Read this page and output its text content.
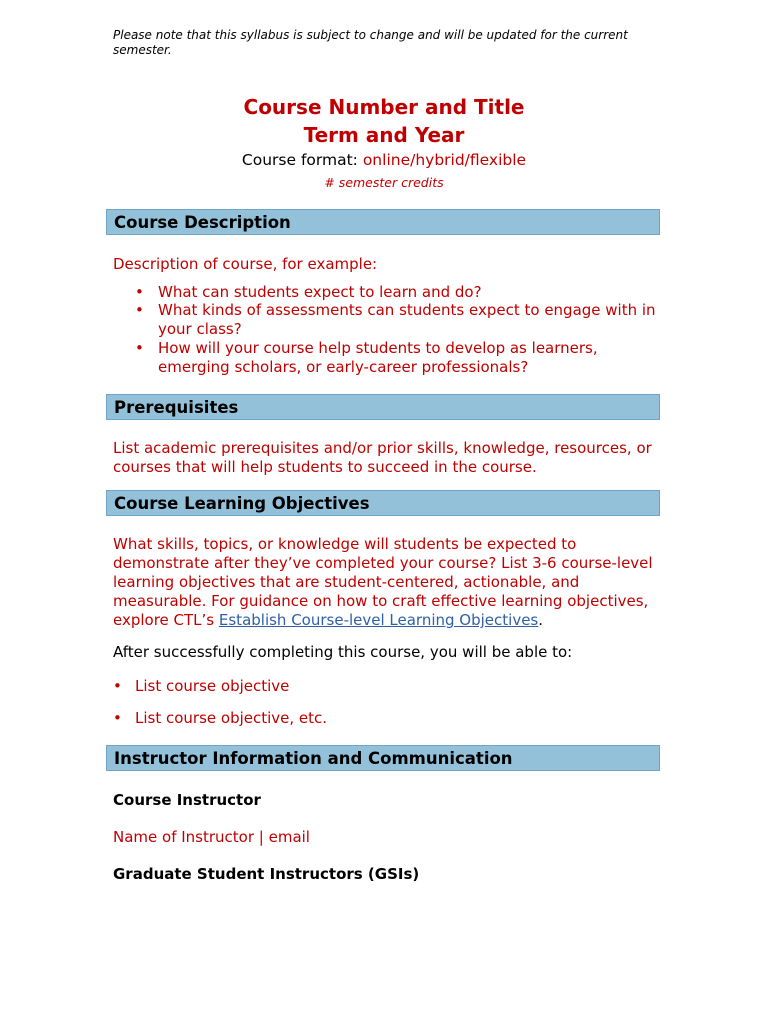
Please note that this syllabus is subject to change and will be updated for the current semester.

Course Number and Title
Term and Year
Course format: online/hybrid/flexible
# semester credits
Course Description
Description of course, for example:
• What can students expect to learn and do?
• What kinds of assessments can students expect to engage with in your class?
• How will your course help students to develop as learners, emerging scholars, or early-career professionals?
Prerequisites
List academic prerequisites and/or prior skills, knowledge, resources, or courses that will help students to succeed in the course.
Course Learning Objectives
What skills, topics, or knowledge will students be expected to demonstrate after they’ve completed your course? List 3-6 course-level learning objectives that are student-centered, actionable, and measurable. For guidance on how to craft effective learning objectives, explore CTL’s Establish Course-level Learning Objectives.
After successfully completing this course, you will be able to:
• List course objective
• List course objective, etc.
Instructor Information and Communication
Course Instructor
Name of Instructor | email
Graduate Student Instructors (GSIs)
